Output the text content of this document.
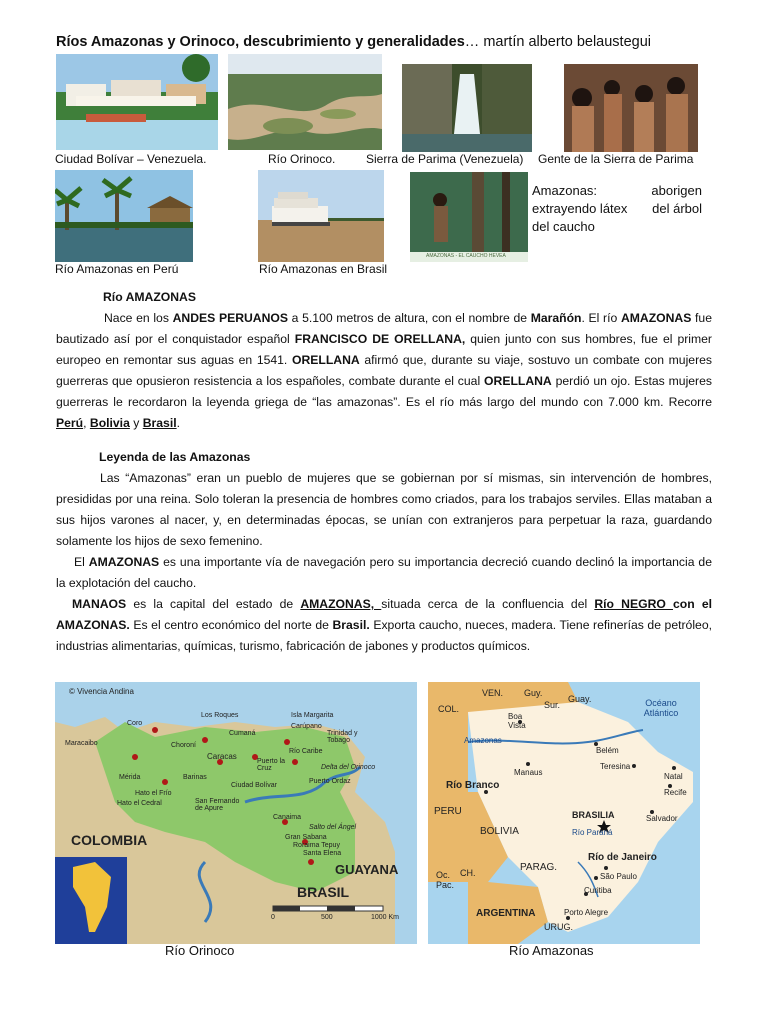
Ríos Amazonas y Orinoco, descubrimiento y generalidades… martín alberto belaustegui
Ciudad Bolívar – Venezuela.	Río Orinoco.	Sierra de Parima (Venezuela) Gente de la Sierra de Parima
AMAZONAS - EL CAUCHO HEVEA
Amazonas:	aborigen
extrayendo látex del árbol
del caucho
Río Amazonas en Perú	Río Amazonas en Brasil
Río AMAZONAS
Nace en los ANDES PERUANOS a 5.100 metros de altura, con el nombre de Marañón. El río AMAZONAS fue bautizado así por el conquistador español FRANCISCO DE ORELLANA, quien junto con sus hombres, fue el primer europeo en remontar sus aguas en 1541. ORELLANA afirmó que, durante su viaje, sostuvo un combate con mujeres guerreras que opusieron resistencia a los españoles, combate durante el cual ORELLANA perdió un ojo. Estas mujeres guerreras le recordaron la leyenda griega de “las amazonas”. Es el río más largo del mundo con 7.000 km. Recorre Perú, Bolivia y Brasil.
Leyenda de las Amazonas
Las “Amazonas” eran un pueblo de mujeres que se gobiernan por sí mismas, sin intervención de hombres, presididas por una reina. Solo toleran la presencia de hombres como criados, para los trabajos serviles. Ellas mataban a sus hijos varones al nacer, y, en determinadas épocas, se unían con extranjeros para perpetuar la raza, guardando solamente los hijos de sexo femenino.
El AMAZONAS es una importante vía de navegación pero su importancia decreció cuando declinó la importancia de la explotación del caucho.
MANAOS es la capital del estado de AMAZONAS, situada cerca de la confluencia del Río NEGRO con el AMAZONAS. Es el centro económico del norte de Brasil. Exporta caucho, nueces, madera. Tiene refinerías de petróleo, industrias alimentarias, químicas, turismo, fabricación de jabones y productos químicos.
© Vivencia Andina
Los Roques	Isla Margarita
Carúpano
Coro
Maracaibo	Choroní
Caracas
Cumaná	Trinidad y Tobago
Río Caribe
Puerto la Cruz	Delta del Orinoco
Mérida	Barinas
Ciudad Bolívar
Puerto Ordaz
Hato el Frío
Hato el Cedral	San Fernando de Apure
Canaima
Salto del Ángel
Gran Sabana
Roraima Tepuy
Santa Elena
COLOMBIA
GUAYANA
BRASIL
0	500	1000 Km
Río Orinoco
VEN. Guy.
Sur.
Guay.
COL.
PERU
BOLIVIA
PARAG.
CH.
ARGENTINA
URUG.
Oc. Pac.
Océano Atlántico
Boa Vista
Amazonas
Manaus
Belém
Teresina
Natal
Recife
Salvador
Río Branco
BRASILIA
Río Paraná
Río de Janeiro
São Paulo
Curitiba
Porto Alegre
Río Amazonas
